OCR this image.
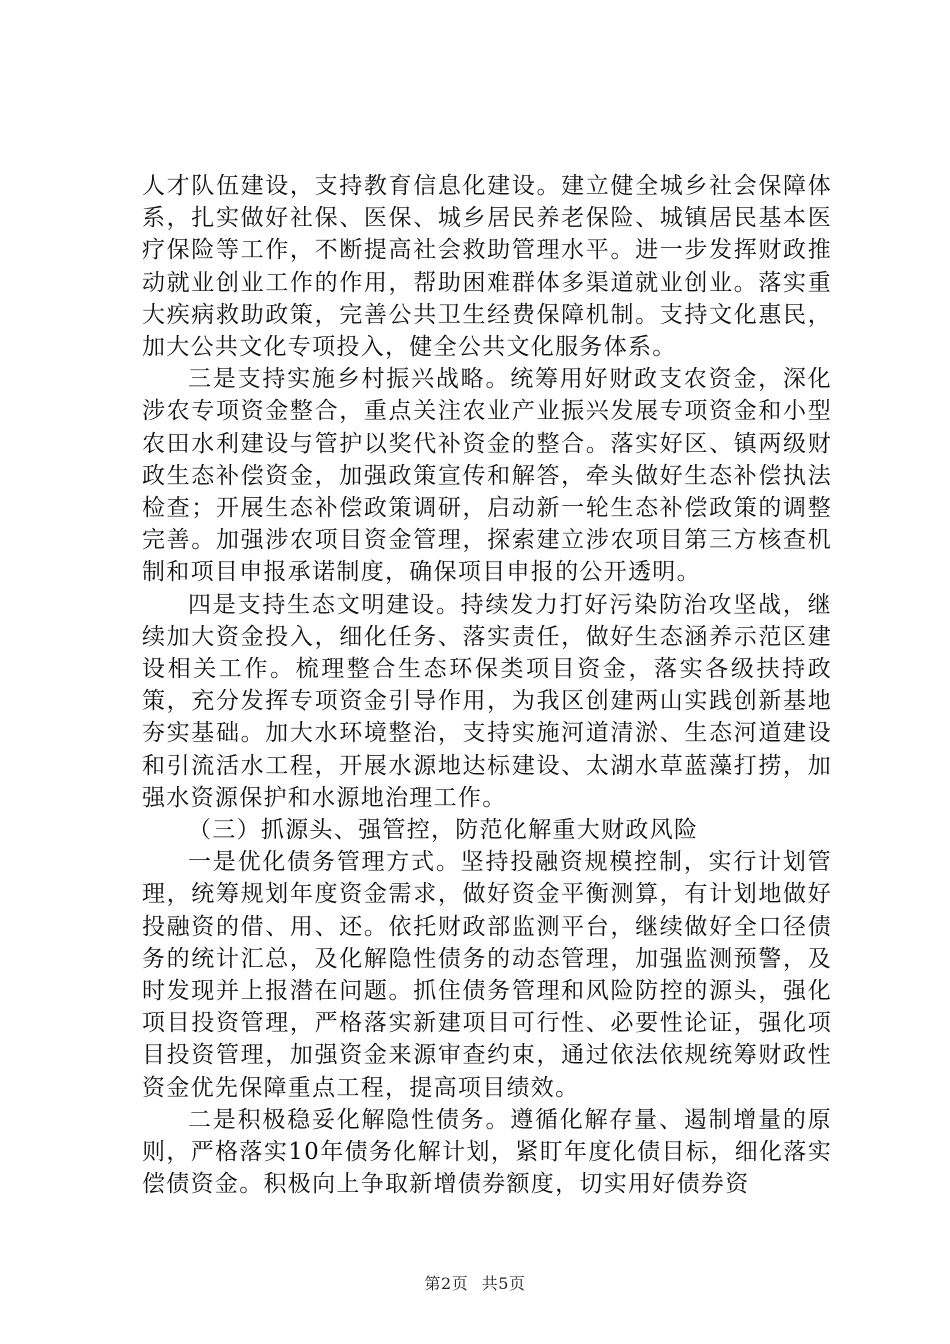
人才队伍建设，支持教育信息化建设。建立健全城乡社会保障体系，扎实做好社保、医保、城乡居民养老保险、城镇居民基本医疗保险等工作，不断提高社会救助管理水平。进一步发挥财政推动就业创业工作的作用，帮助困难群体多渠道就业创业。落实重大疾病救助政策，完善公共卫生经费保障机制。支持文化惠民，加大公共文化专项投入，健全公共文化服务体系。

三是支持实施乡村振兴战略。统筹用好财政支农资金，深化涉农专项资金整合，重点关注农业产业振兴发展专项资金和小型农田水利建设与管护以奖代补资金的整合。落实好区、镇两级财政生态补偿资金，加强政策宣传和解答，牵头做好生态补偿执法检查；开展生态补偿政策调研，启动新一轮生态补偿政策的调整完善。加强涉农项目资金管理，探索建立涉农项目第三方核查机制和项目申报承诺制度，确保项目申报的公开透明。

四是支持生态文明建设。持续发力打好污染防治攻坚战，继续加大资金投入，细化任务、落实责任，做好生态涵养示范区建设相关工作。梳理整合生态环保类项目资金，落实各级扶持政策，充分发挥专项资金引导作用，为我区创建两山实践创新基地夯实基础。加大水环境整治，支持实施河道清淤、生态河道建设和引流活水工程，开展水源地达标建设、太湖水草蓝藻打捞，加强水资源保护和水源地治理工作。

（三）抓源头、强管控，防范化解重大财政风险

一是优化债务管理方式。坚持投融资规模控制，实行计划管理，统筹规划年度资金需求，做好资金平衡测算，有计划地做好投融资的借、用、还。依托财政部监测平台，继续做好全口径债务的统计汇总，及化解隐性债务的动态管理，加强监测预警，及时发现并上报潜在问题。抓住债务管理和风险防控的源头，强化项目投资管理，严格落实新建项目可行性、必要性论证，强化项目投资管理，加强资金来源审查约束，通过依法依规统筹财政性资金优先保障重点工程，提高项目绩效。

二是积极稳妥化解隐性债务。遵循化解存量、遏制增量的原则，严格落实10年债务化解计划，紧盯年度化债目标，细化落实偿债资金。积极向上争取新增债券额度，切实用好债券资

第2页 共5页
